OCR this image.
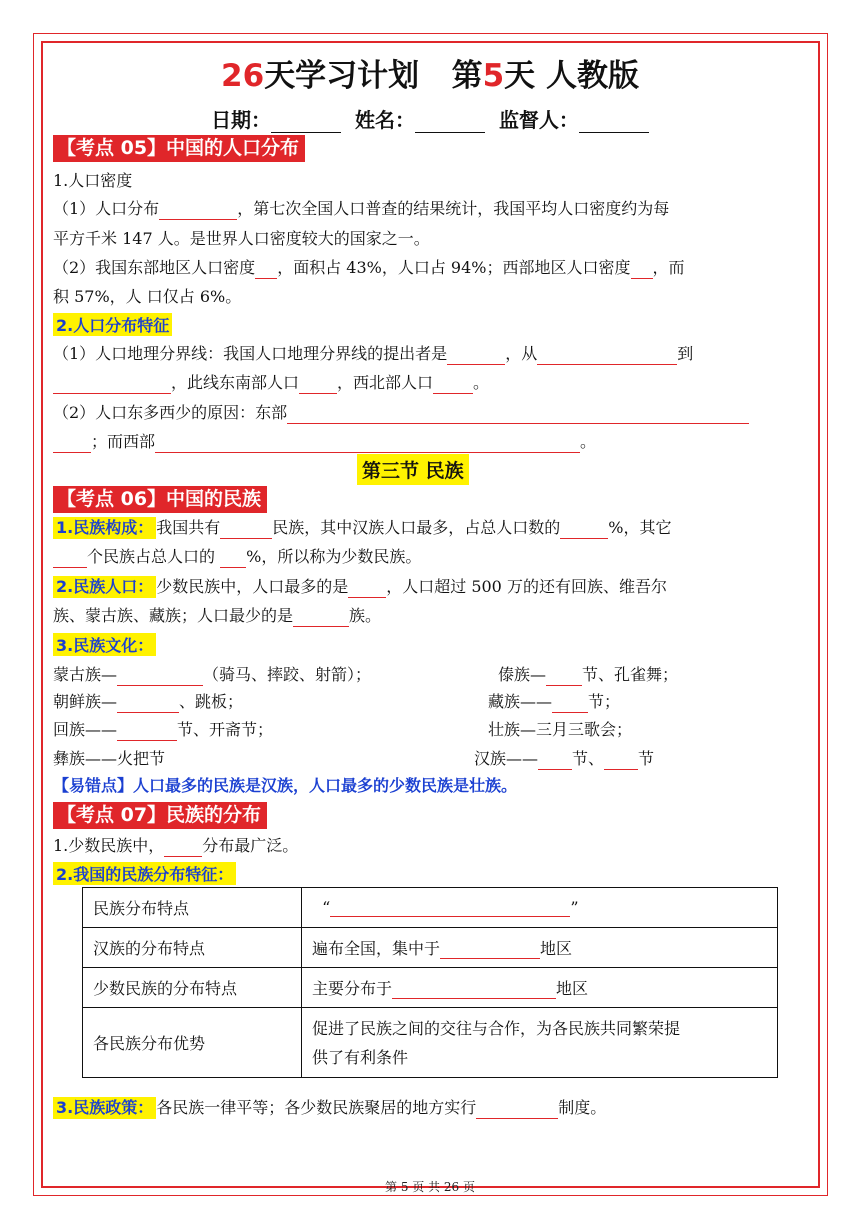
26天学习计划 第5天 人教版
日期：	姓名：	监督人：
【考点 05】中国的人口分布
1.人口密度
（1）人口分布	，第七次全国人口普查的结果统计，我国平均人口密度约为每
平方千米 147 人。是世界人口密度较大的国家之一。
（2）我国东部地区人口密度 ，面积占 43%，人口占 94%；西部地区人口密度 ，而
积 57%，人 口仅占 6%。
2.人口分布特征
（1）人口地理分界线：我国人口地理分界线的提出者是	，从	到
，此线东南部人口 ，西北部人口	。
（2）人口东多西少的原因：东部
；而西部	。
第三节 民族
【考点 06】中国的民族
1.民族构成： 我国共有	民族，其中汉族人口最多，占总人口数的	%，其它
个民族占总人口的 %，所以称为少数民族。
2.民族人口： 少数民族中，人口最多的是 ，人口超过 500 万的还有回族、维吾尔
族、蒙古族、藏族；人口最少的是	族。
3.民族文化：
蒙古族—	（骑马、摔跤、射箭）；	傣族— 节、孔雀舞；
朝鲜族—	、跳板；	藏族—— 节；
回族——	节、开斋节；	壮族—三月三歌会；
彝族——火把节	汉族—— 节、 节
【易错点】人口最多的民族是汉族，人口最多的少数民族是壮族。
【考点 07】民族的分布
1.少数民族中， 分布最广泛。
2.我国的民族分布特征：
民族分布特点	“ ”
汉族的分布特点	遍布全国，集中于 地区
少数民族的分布特点	主要分布于 地区
各民族分布优势	促进了民族之间的交往与合作，为各民族共同繁荣提
供了有利条件
3.民族政策： 各民族一律平等；各少数民族聚居的地方实行	制度。
第 5 页 共 26 页
